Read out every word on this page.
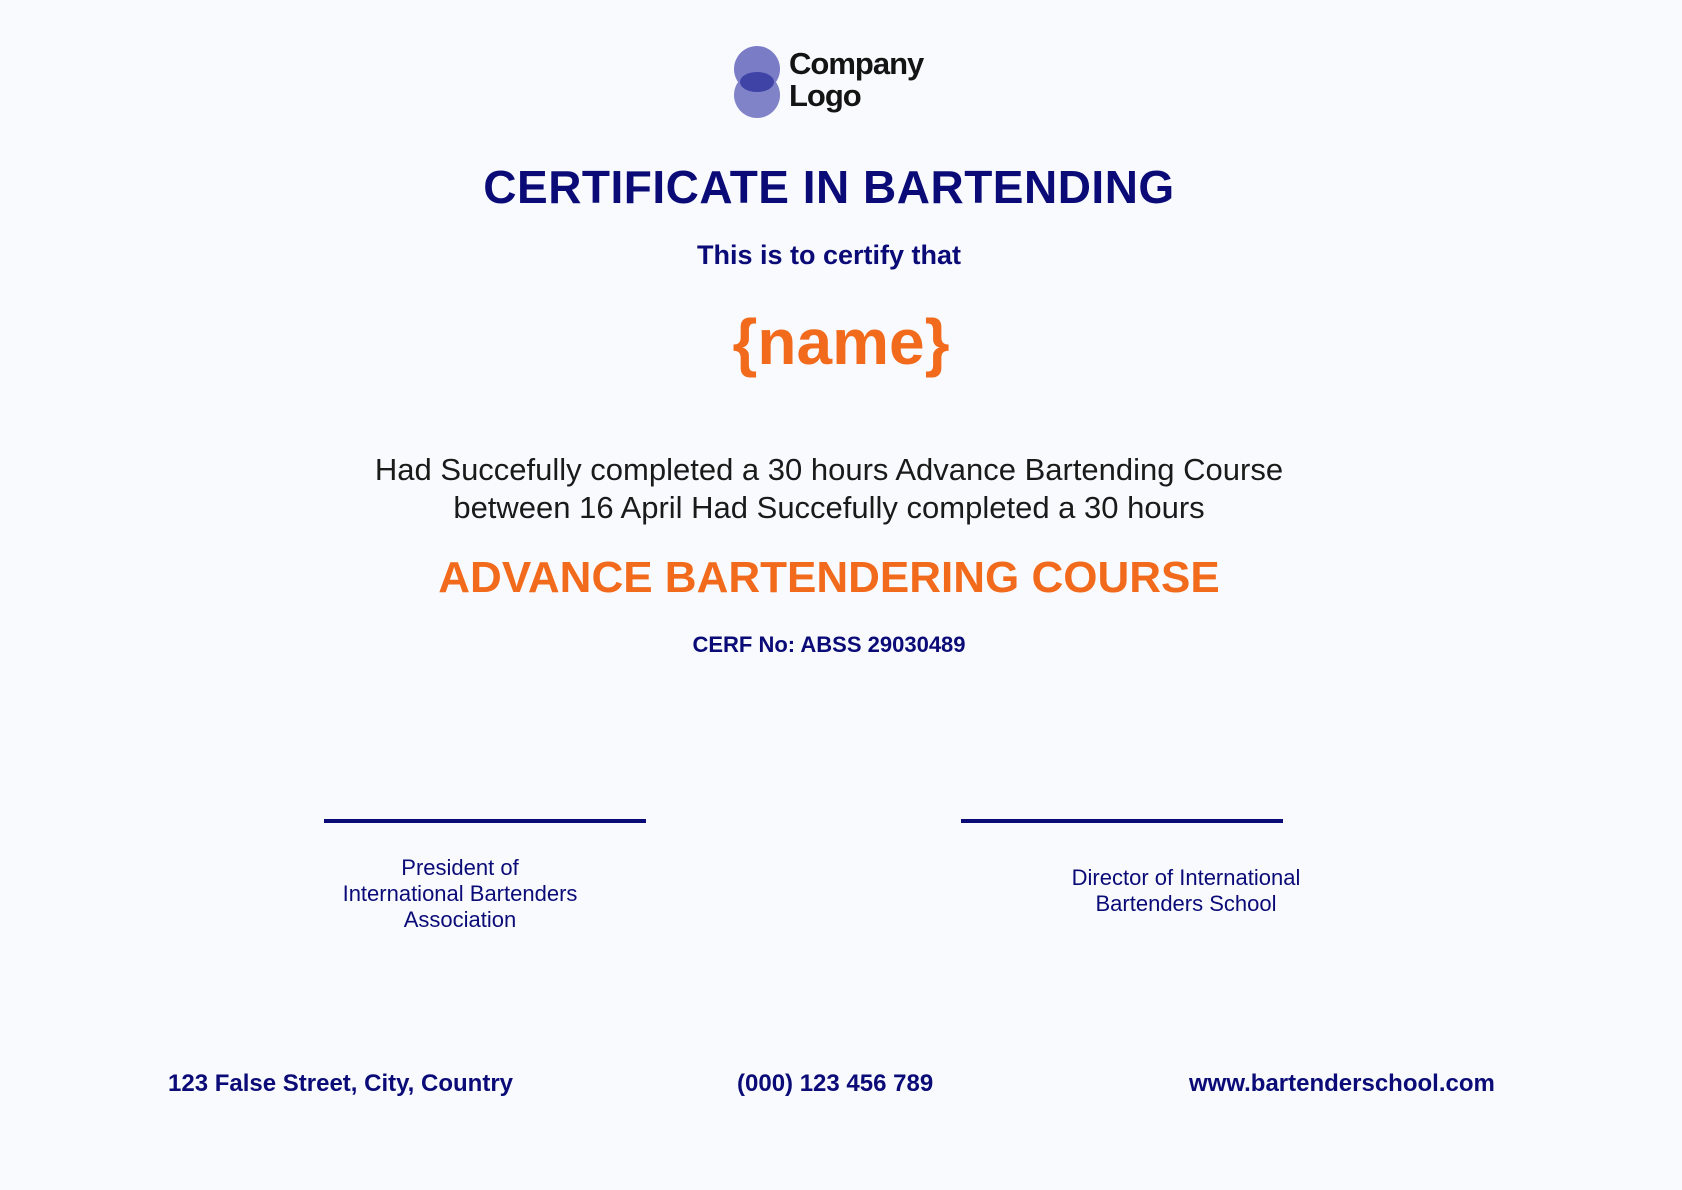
Company
Logo
CERTIFICATE IN BARTENDING
This is to certify that
{name}
Had Succefully completed a 30 hours Advance Bartending Course
between 16 April Had Succefully completed a 30 hours
ADVANCE BARTENDERING COURSE
CERF No: ABSS 29030489
President of
International Bartenders
Association
Director of International
Bartenders School
123 False Street, City, Country	(000) 123 456 789	www.bartenderschool.com
